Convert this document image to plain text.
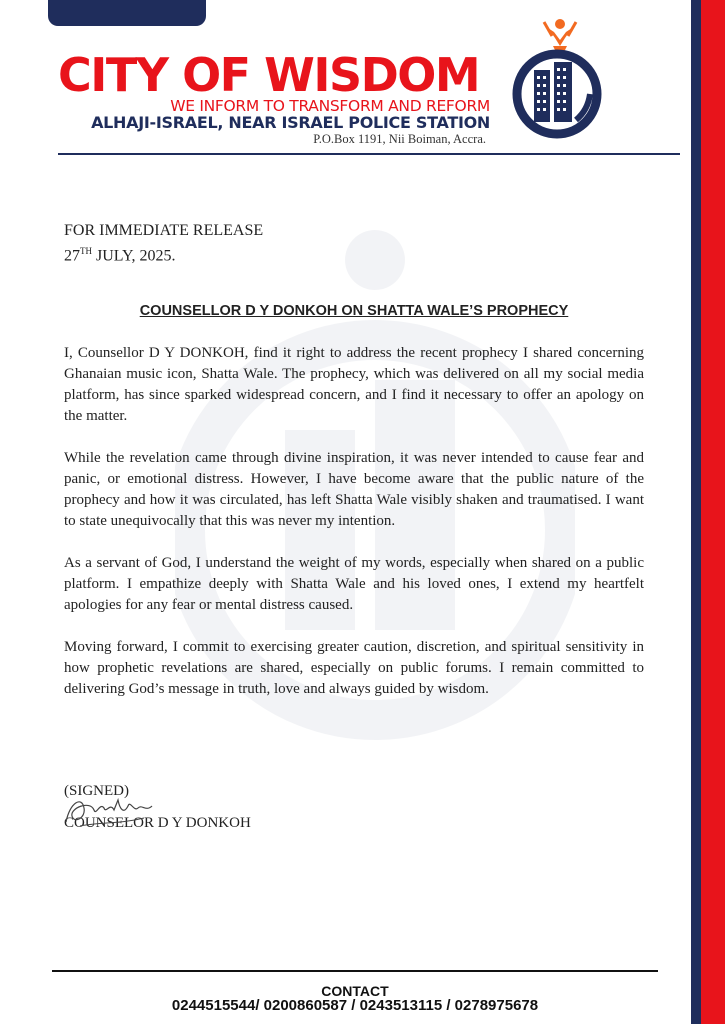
CITY OF WISDOM
WE INFORM TO TRANSFORM AND REFORM
ALHAJI-ISRAEL, NEAR ISRAEL POLICE STATION
P.O.Box 1191, Nii Boiman, Accra.
FOR IMMEDIATE RELEASE
27TH JULY, 2025.
COUNSELLOR D Y DONKOH ON SHATTA WALE’S PROPHECY

I, Counsellor D Y DONKOH, find it right to address the recent prophecy I shared concerning Ghanaian music icon, Shatta Wale. The prophecy, which was delivered on all my social media platform, has since sparked widespread concern, and I find it necessary to offer an apology on the matter.

While the revelation came through divine inspiration, it was never intended to cause fear and panic, or emotional distress. However, I have become aware that the public nature of the prophecy and how it was circulated, has left Shatta Wale visibly shaken and traumatised. I want to state unequivocally that this was never my intention.

As a servant of God, I understand the weight of my words, especially when shared on a public platform. I empathize deeply with Shatta Wale and his loved ones, I extend my heartfelt apologies for any fear or mental distress caused.

Moving forward, I commit to exercising greater caution, discretion, and spiritual sensitivity in how prophetic revelations are shared, especially on public forums. I remain committed to delivering God’s message in truth, love and always guided by wisdom.

(SIGNED)
COUNSELOR D Y DONKOH
CONTACT
0244515544/ 0200860587 / 0243513115 / 0278975678
